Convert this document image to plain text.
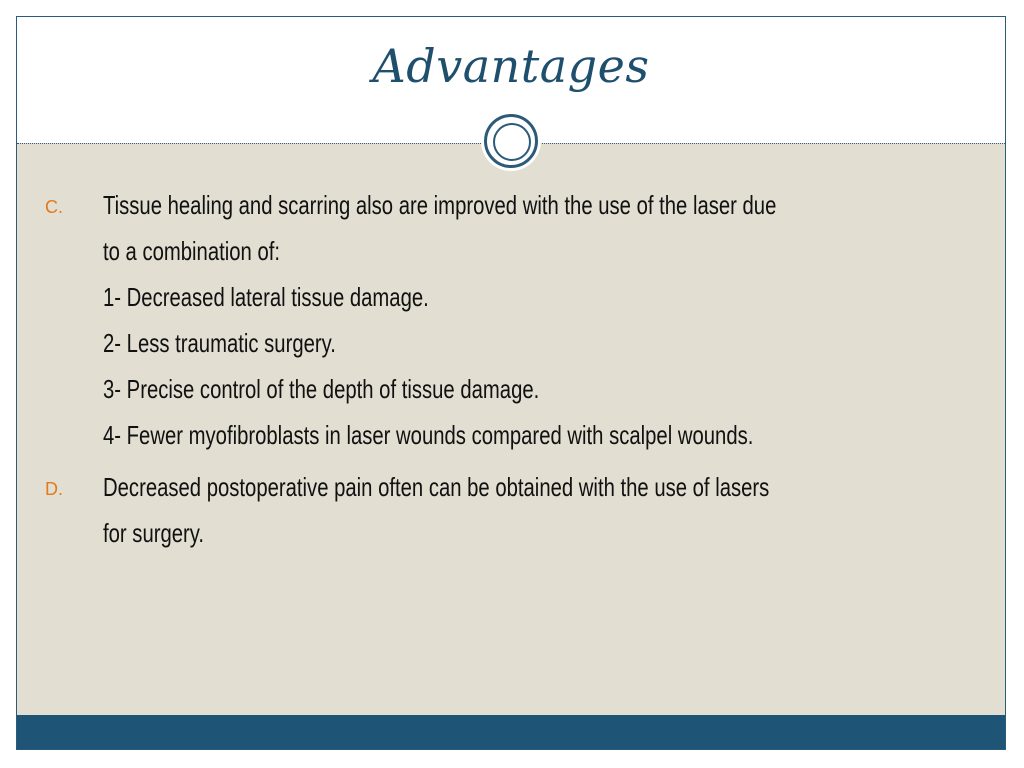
Advantages
C. Tissue healing and scarring also are improved with the use of the laser due
to a combination of:
1- Decreased lateral tissue damage.
2- Less traumatic surgery.
3- Precise control of the depth of tissue damage.
4- Fewer myofibroblasts in laser wounds compared with scalpel wounds.
D. Decreased postoperative pain often can be obtained with the use of lasers
for surgery.
